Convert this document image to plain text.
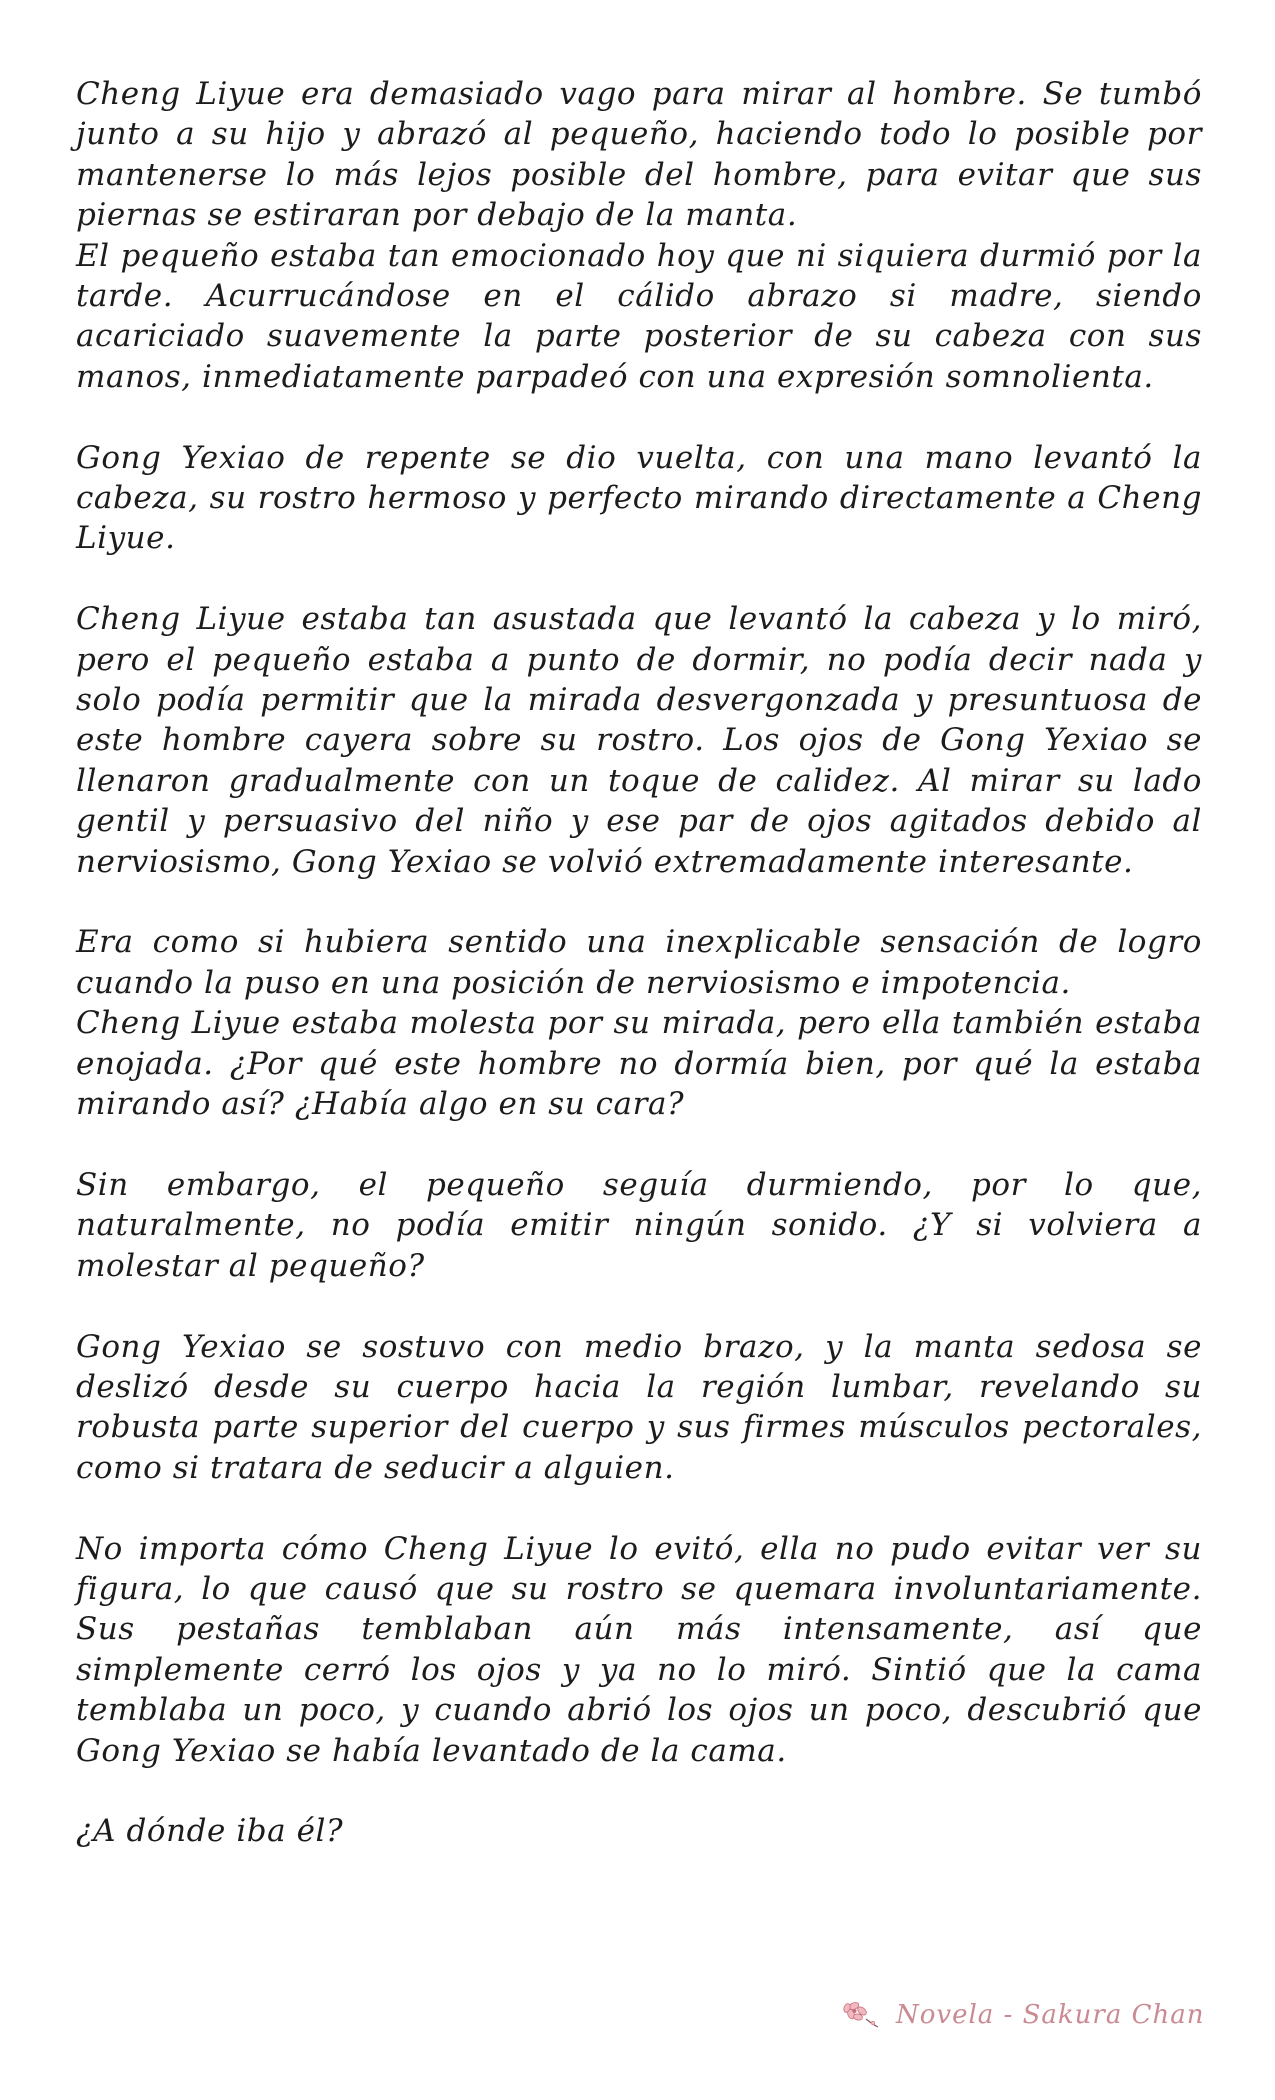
Cheng Liyue era demasiado vago para mirar al hombre. Se tumbó junto a su hijo y abrazó al pequeño, haciendo todo lo posible por mantenerse lo más lejos posible del hombre, para evitar que sus piernas se estiraran por debajo de la manta.

El pequeño estaba tan emocionado hoy que ni siquiera durmió por la tarde. Acurrucándose en el cálido abrazo si madre, siendo acariciado suavemente la parte posterior de su cabeza con sus manos, inmediatamente parpadeó con una expresión somnolienta.

Gong Yexiao de repente se dio vuelta, con una mano levantó la cabeza, su rostro hermoso y perfecto mirando directamente a Cheng Liyue.

Cheng Liyue estaba tan asustada que levantó la cabeza y lo miró, pero el pequeño estaba a punto de dormir, no podía decir nada y solo podía permitir que la mirada desvergonzada y presuntuosa de este hombre cayera sobre su rostro. Los ojos de Gong Yexiao se llenaron gradualmente con un toque de calidez. Al mirar su lado gentil y persuasivo del niño y ese par de ojos agitados debido al nerviosismo, Gong Yexiao se volvió extremadamente interesante.

Era como si hubiera sentido una inexplicable sensación de logro cuando la puso en una posición de nerviosismo e impotencia.

Cheng Liyue estaba molesta por su mirada, pero ella también estaba enojada. ¿Por qué este hombre no dormía bien, por qué la estaba mirando así? ¿Había algo en su cara?

Sin embargo, el pequeño seguía durmiendo, por lo que, naturalmente, no podía emitir ningún sonido. ¿Y si volviera a molestar al pequeño?

Gong Yexiao se sostuvo con medio brazo, y la manta sedosa se deslizó desde su cuerpo hacia la región lumbar, revelando su robusta parte superior del cuerpo y sus firmes músculos pectorales, como si tratara de seducir a alguien.

No importa cómo Cheng Liyue lo evitó, ella no pudo evitar ver su figura, lo que causó que su rostro se quemara involuntariamente. Sus pestañas temblaban aún más intensamente, así que simplemente cerró los ojos y ya no lo miró. Sintió que la cama temblaba un poco, y cuando abrió los ojos un poco, descubrió que Gong Yexiao se había levantado de la cama.

¿A dónde iba él?

Novela - Sakura Chan
